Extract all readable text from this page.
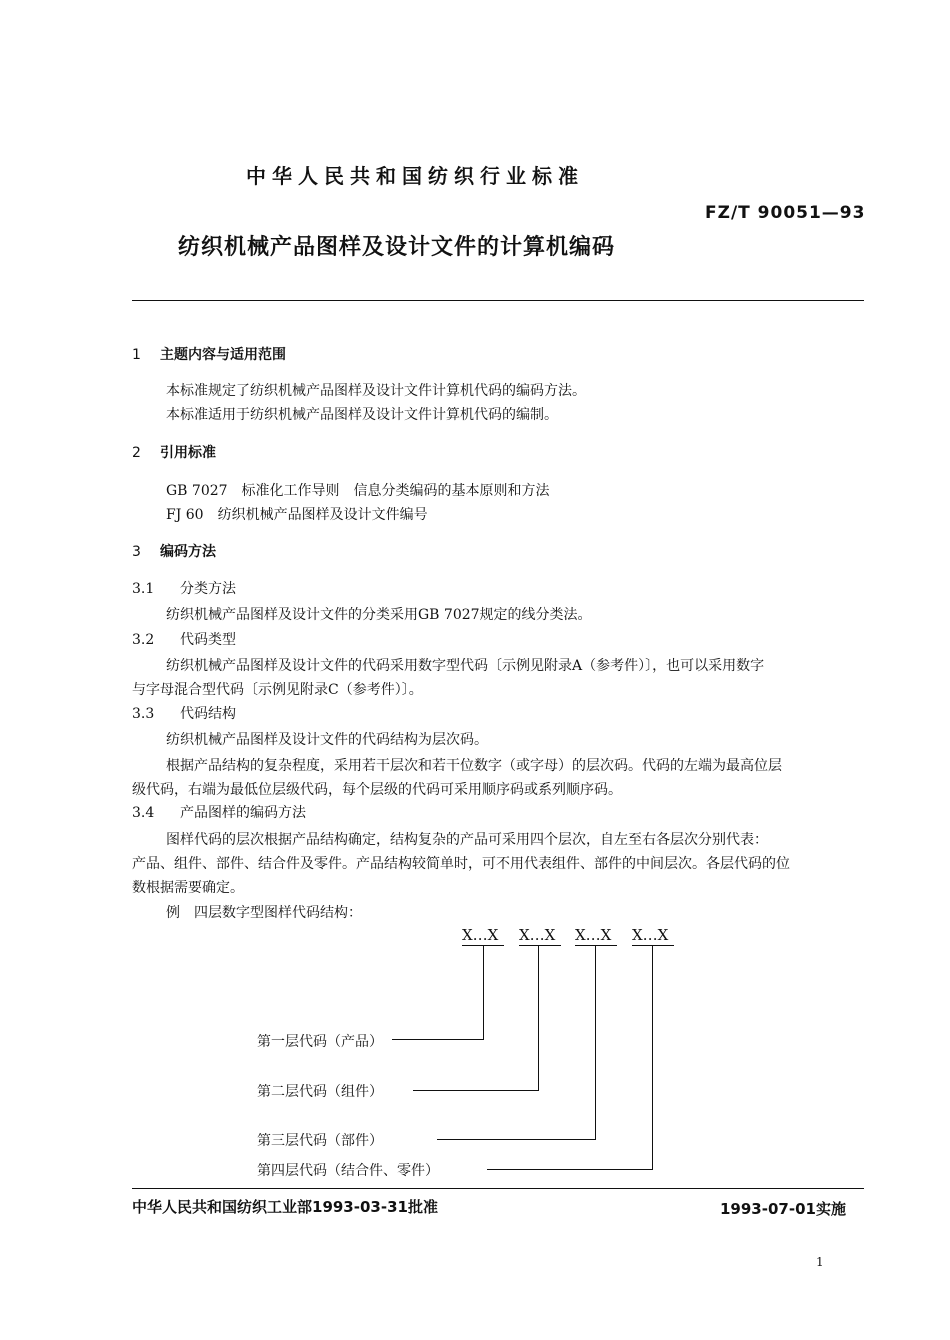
中华人民共和国纺织行业标准
FZ/T 90051—93
纺织机械产品图样及设计文件的计算机编码
1 主题内容与适用范围
本标准规定了纺织机械产品图样及设计文件计算机代码的编码方法。
本标准适用于纺织机械产品图样及设计文件计算机代码的编制。
2 引用标准
GB 7027　标准化工作导则　信息分类编码的基本原则和方法
FJ 60　纺织机械产品图样及设计文件编号
3 编码方法
3.1 分类方法
纺织机械产品图样及设计文件的分类采用GB 7027规定的线分类法。
3.2 代码类型
纺织机械产品图样及设计文件的代码采用数字型代码〔示例见附录A（参考件）〕，也可以采用数字
与字母混合型代码〔示例见附录C（参考件）〕。
3.3 代码结构
纺织机械产品图样及设计文件的代码结构为层次码。
根据产品结构的复杂程度，采用若干层次和若干位数字（或字母）的层次码。代码的左端为最高位层
级代码，右端为最低位层级代码，每个层级的代码可采用顺序码或系列顺序码。
3.4 产品图样的编码方法
图样代码的层次根据产品结构确定，结构复杂的产品可采用四个层次，自左至右各层次分别代表：
产品、组件、部件、结合件及零件。产品结构较简单时，可不用代表组件、部件的中间层次。各层代码的位
数根据需要确定。
例　四层数字型图样代码结构：
X…X X…X X…X X…X
第一层代码（产品）
第二层代码（组件）
第三层代码（部件）
第四层代码（结合件、零件）
中华人民共和国纺织工业部1993-03-31批准	1993-07-01实施
1
